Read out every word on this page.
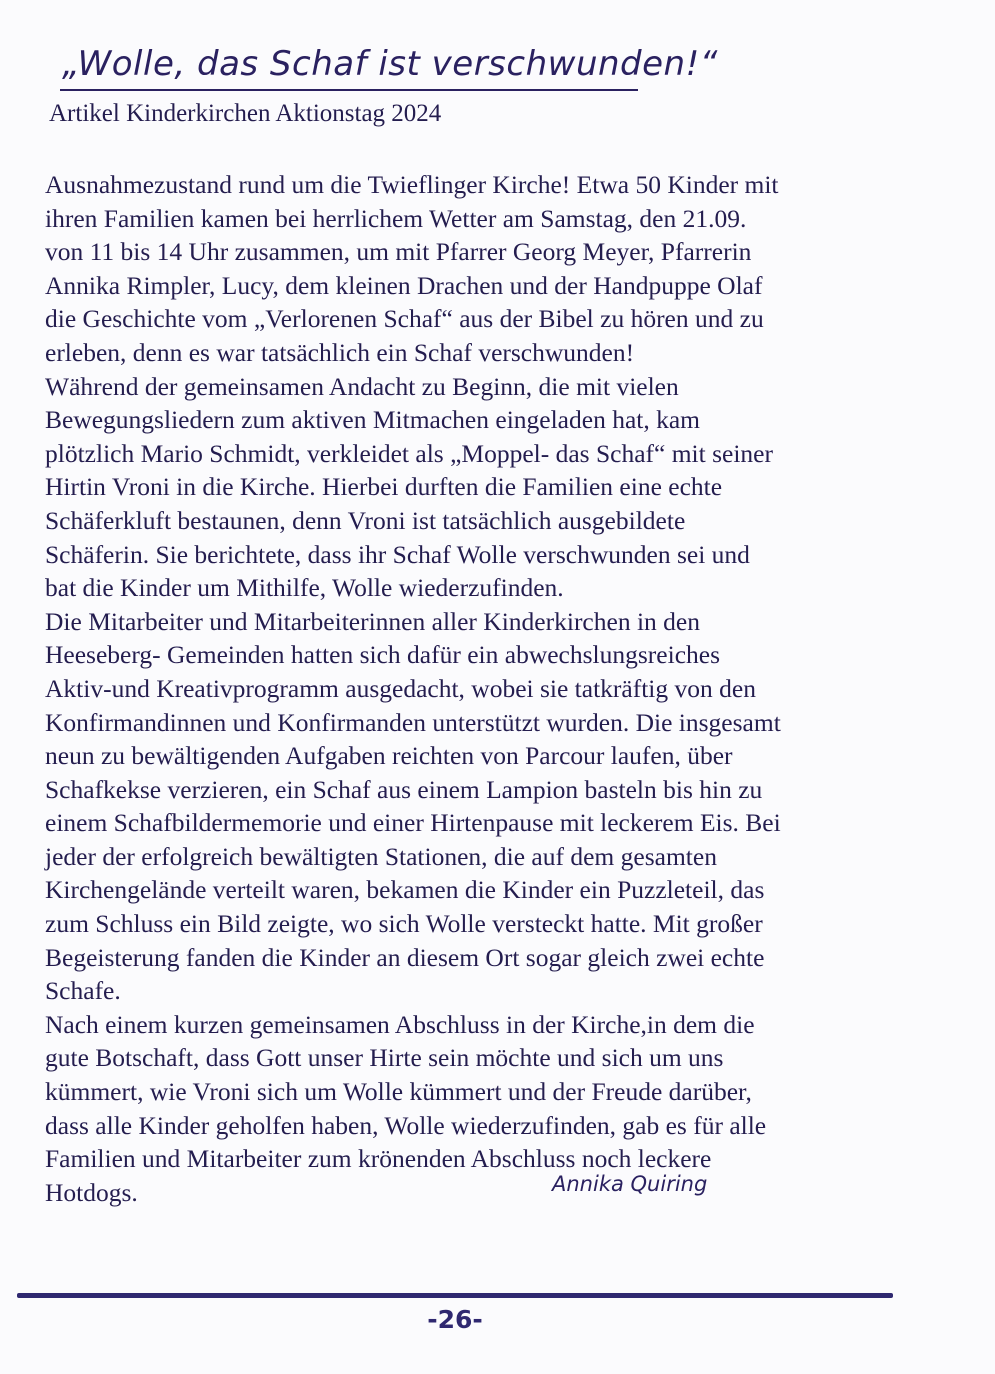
„Wolle, das Schaf ist verschwunden!“
Artikel Kinderkirchen Aktionstag 2024
Ausnahmezustand rund um die Twieflinger Kirche! Etwa 50 Kinder mit
ihren Familien kamen bei herrlichem Wetter am Samstag, den 21.09.
von 11 bis 14 Uhr zusammen, um mit Pfarrer Georg Meyer, Pfarrerin
Annika Rimpler, Lucy, dem kleinen Drachen und der Handpuppe Olaf
die Geschichte vom „Verlorenen Schaf“ aus der Bibel zu hören und zu
erleben, denn es war tatsächlich ein Schaf verschwunden!
Während der gemeinsamen Andacht zu Beginn, die mit vielen
Bewegungsliedern zum aktiven Mitmachen eingeladen hat, kam
plötzlich Mario Schmidt, verkleidet als „Moppel- das Schaf“ mit seiner
Hirtin Vroni in die Kirche. Hierbei durften die Familien eine echte
Schäferkluft bestaunen, denn Vroni ist tatsächlich ausgebildete
Schäferin. Sie berichtete, dass ihr Schaf Wolle verschwunden sei und
bat die Kinder um Mithilfe, Wolle wiederzufinden.
Die Mitarbeiter und Mitarbeiterinnen aller Kinderkirchen in den
Heeseberg- Gemeinden hatten sich dafür ein abwechslungsreiches
Aktiv-und Kreativprogramm ausgedacht, wobei sie tatkräftig von den
Konfirmandinnen und Konfirmanden unterstützt wurden. Die insgesamt
neun zu bewältigenden Aufgaben reichten von Parcour laufen, über
Schafkekse verzieren, ein Schaf aus einem Lampion basteln bis hin zu
einem Schafbildermemorie und einer Hirtenpause mit leckerem Eis. Bei
jeder der erfolgreich bewältigten Stationen, die auf dem gesamten
Kirchengelände verteilt waren, bekamen die Kinder ein Puzzleteil, das
zum Schluss ein Bild zeigte, wo sich Wolle versteckt hatte. Mit großer
Begeisterung fanden die Kinder an diesem Ort sogar gleich zwei echte
Schafe.
Nach einem kurzen gemeinsamen Abschluss in der Kirche,in dem die
gute Botschaft, dass Gott unser Hirte sein möchte und sich um uns
kümmert, wie Vroni sich um Wolle kümmert und der Freude darüber,
dass alle Kinder geholfen haben, Wolle wiederzufinden, gab es für alle
Familien und Mitarbeiter zum krönenden Abschluss noch leckere
Hotdogs.	Annika Quiring
-26-
